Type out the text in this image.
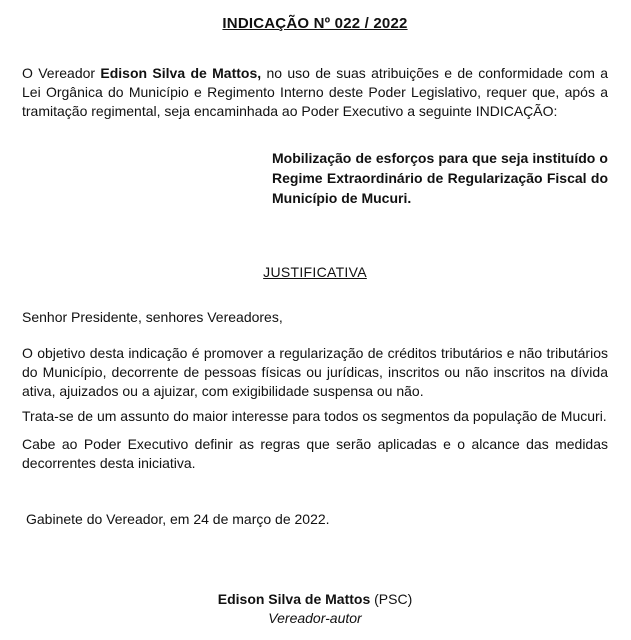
INDICAÇÃO Nº 022 / 2022

O Vereador Edison Silva de Mattos, no uso de suas atribuições e de conformidade com a Lei Orgânica do Município e Regimento Interno deste Poder Legislativo, requer que, após a tramitação regimental, seja encaminhada ao Poder Executivo a seguinte INDICAÇÃO:

Mobilização de esforços para que seja instituído o Regime Extraordinário de Regularização Fiscal do Município de Mucuri.

JUSTIFICATIVA

Senhor Presidente, senhores Vereadores,

O objetivo desta indicação é promover a regularização de créditos tributários e não tributários do Município, decorrente de pessoas físicas ou jurídicas, inscritos ou não inscritos na dívida ativa, ajuizados ou a ajuizar, com exigibilidade suspensa ou não.

Trata-se de um assunto do maior interesse para todos os segmentos da população de Mucuri.

Cabe ao Poder Executivo definir as regras que serão aplicadas e o alcance das medidas decorrentes desta iniciativa.

Gabinete do Vereador, em 24 de março de 2022.

Edison Silva de Mattos (PSC)
Vereador-autor
